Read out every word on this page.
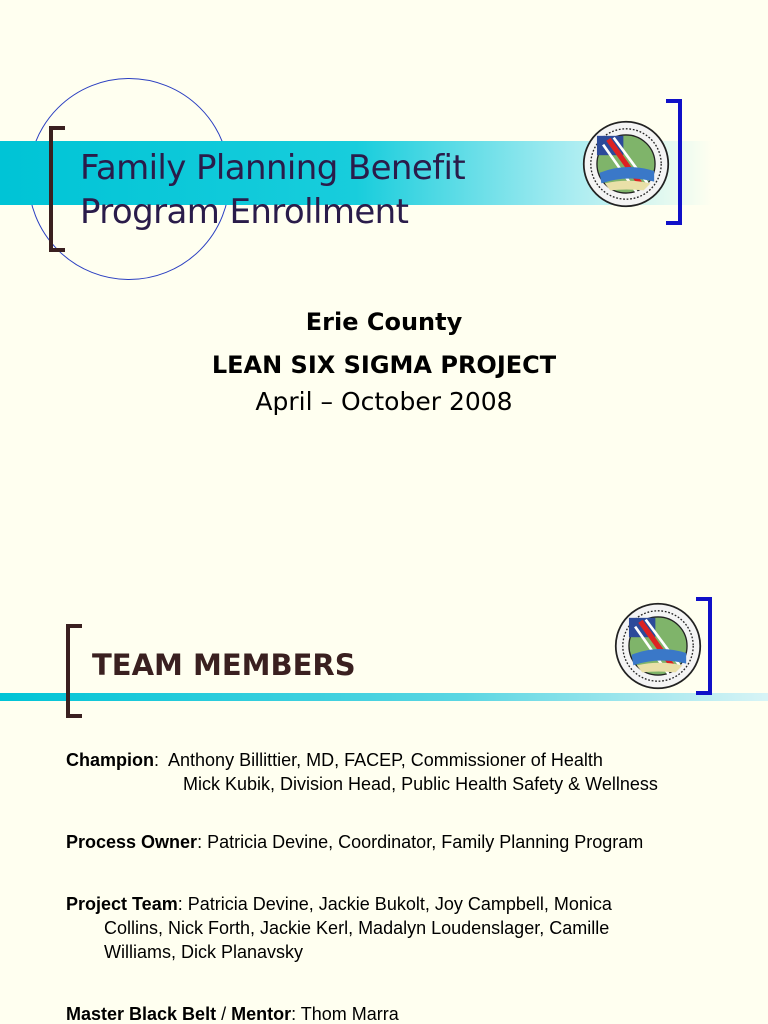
Family Planning Benefit
Program Enrollment

Erie County

LEAN SIX SIGMA PROJECT

April – October 2008

TEAM MEMBERS
Champion:  Anthony Billittier, MD, FACEP, Commissioner of Health
Mick Kubik, Division Head, Public Health Safety & Wellness
Process Owner: Patricia Devine, Coordinator, Family Planning Program
Project Team: Patricia Devine, Jackie Bukolt, Joy Campbell, Monica
Collins, Nick Forth, Jackie Kerl, Madalyn Loudenslager, Camille
Williams, Dick Planavsky
Master Black Belt / Mentor: Thom Marra
